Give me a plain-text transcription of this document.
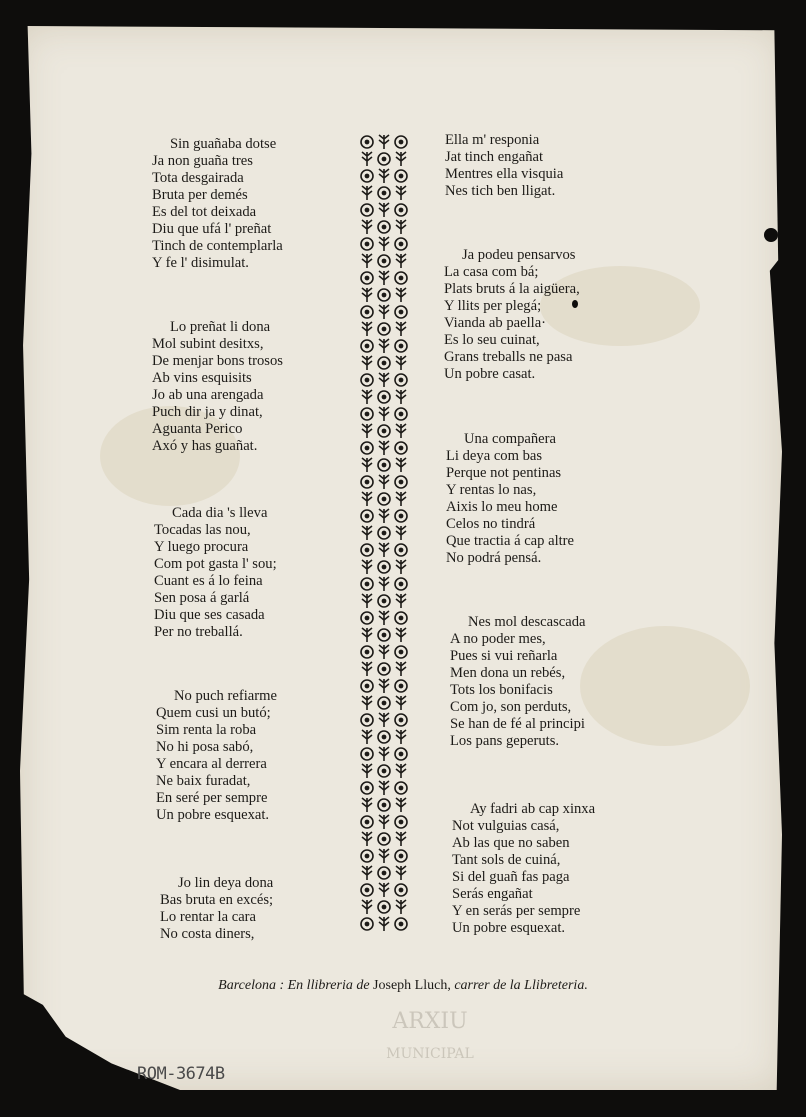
Sin guañaba dotse
Ja non guaña tres
Tota desgairada
Bruta per demés
Es del tot deixada
Diu que ufá l' preñat
Tinch de contemplarla
Y fe l' disimulat.

Lo preñat li dona
Mol subint desitxs,
De menjar bons trosos
Ab vins esquisits
Jo ab una arengada
Puch dir ja y dinat,
Aguanta Perico
Axó y has guañat.

Cada dia 's lleva
Tocadas las nou,
Y luego procura
Com pot gasta l' sou;
Cuant es á lo feina
Sen posa á garlá
Diu que ses casada
Per no treballá.

No puch refiarme
Quem cusi un butó;
Sim renta la roba
No hi posa sabó,
Y encara al derrera
Ne baix furadat,
En seré per sempre
Un pobre esquexat.

Jo lin deya dona
Bas bruta en excés;
Lo rentar la cara
No costa diners,

Ella m' responia
Jat tinch engañat
Mentres ella visquia
Nes tich ben lligat.

Ja podeu pensarvos
La casa com bá;
Plats bruts á la aigüera,
Y llits per plegá;
Vianda ab paella·
Es lo seu cuinat,
Grans treballs ne pasa
Un pobre casat.

Una compañera
Li deya com bas
Perque not pentinas
Y rentas lo nas,
Aixis lo meu home
Celos no tindrá
Que tractia á cap altre
No podrá pensá.

Nes mol descascada
A no poder mes,
Pues si vui reñarla
Men dona un rebés,
Tots los bonifacis
Com jo, son perduts,
Se han de fé al principi
Los pans geperuts.

Ay fadri ab cap xinxa
Not vulguias casá,
Ab las que no saben
Tant sols de cuiná,
Si del guañ fas paga
Serás engañat
Y en serás per sempre
Un pobre esquexat.

Barcelona : En llibreria de Joseph Lluch, carrer de la Llibreteria.

ARXIU
MUNICIPAL
ROM-3674B
